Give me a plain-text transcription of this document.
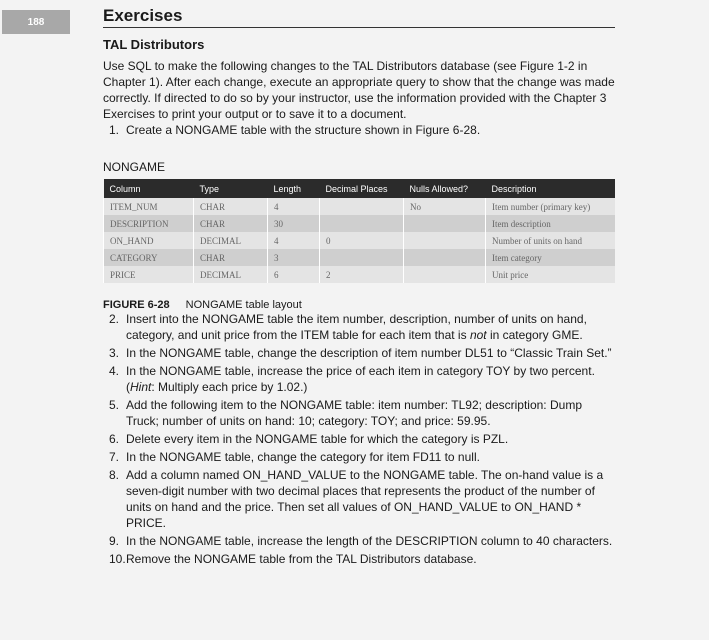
188	Exercises
TAL Distributors

Use SQL to make the following changes to the TAL Distributors database (see Figure 1-2 in Chapter 1). After each change, execute an appropriate query to show that the change was made correctly. If directed to do so by your instructor, use the information provided with the Chapter 3 Exercises to print your output or to save it to a document.

1. Create a NONGAME table with the structure shown in Figure 6-28.
NONGAME
Column	Type	Length	Decimal Places	Nulls Allowed?	Description
ITEM_NUM	CHAR	4		No	Item number (primary key)
DESCRIPTION	CHAR	30			Item description
ON_HAND	DECIMAL	4	0		Number of units on hand
CATEGORY	CHAR	3			Item category
PRICE	DECIMAL	6	2		Unit price

FIGURE 6-28 NONGAME table layout

2. Insert into the NONGAME table the item number, description, number of units on hand, category, and unit price from the ITEM table for each item that is not in category GME.
3. In the NONGAME table, change the description of item number DL51 to “Classic Train Set.”
4. In the NONGAME table, increase the price of each item in category TOY by two percent. (Hint: Multiply each price by 1.02.)
5. Add the following item to the NONGAME table: item number: TL92; description: Dump Truck; number of units on hand: 10; category: TOY; and price: 59.95.
6. Delete every item in the NONGAME table for which the category is PZL.
7. In the NONGAME table, change the category for item FD11 to null.
8. Add a column named ON_HAND_VALUE to the NONGAME table. The on-hand value is a seven-digit number with two decimal places that represents the product of the number of units on hand and the price. Then set all values of ON_HAND_VALUE to ON_HAND * PRICE.
9. In the NONGAME table, increase the length of the DESCRIPTION column to 40 characters.
10. Remove the NONGAME table from the TAL Distributors database.
